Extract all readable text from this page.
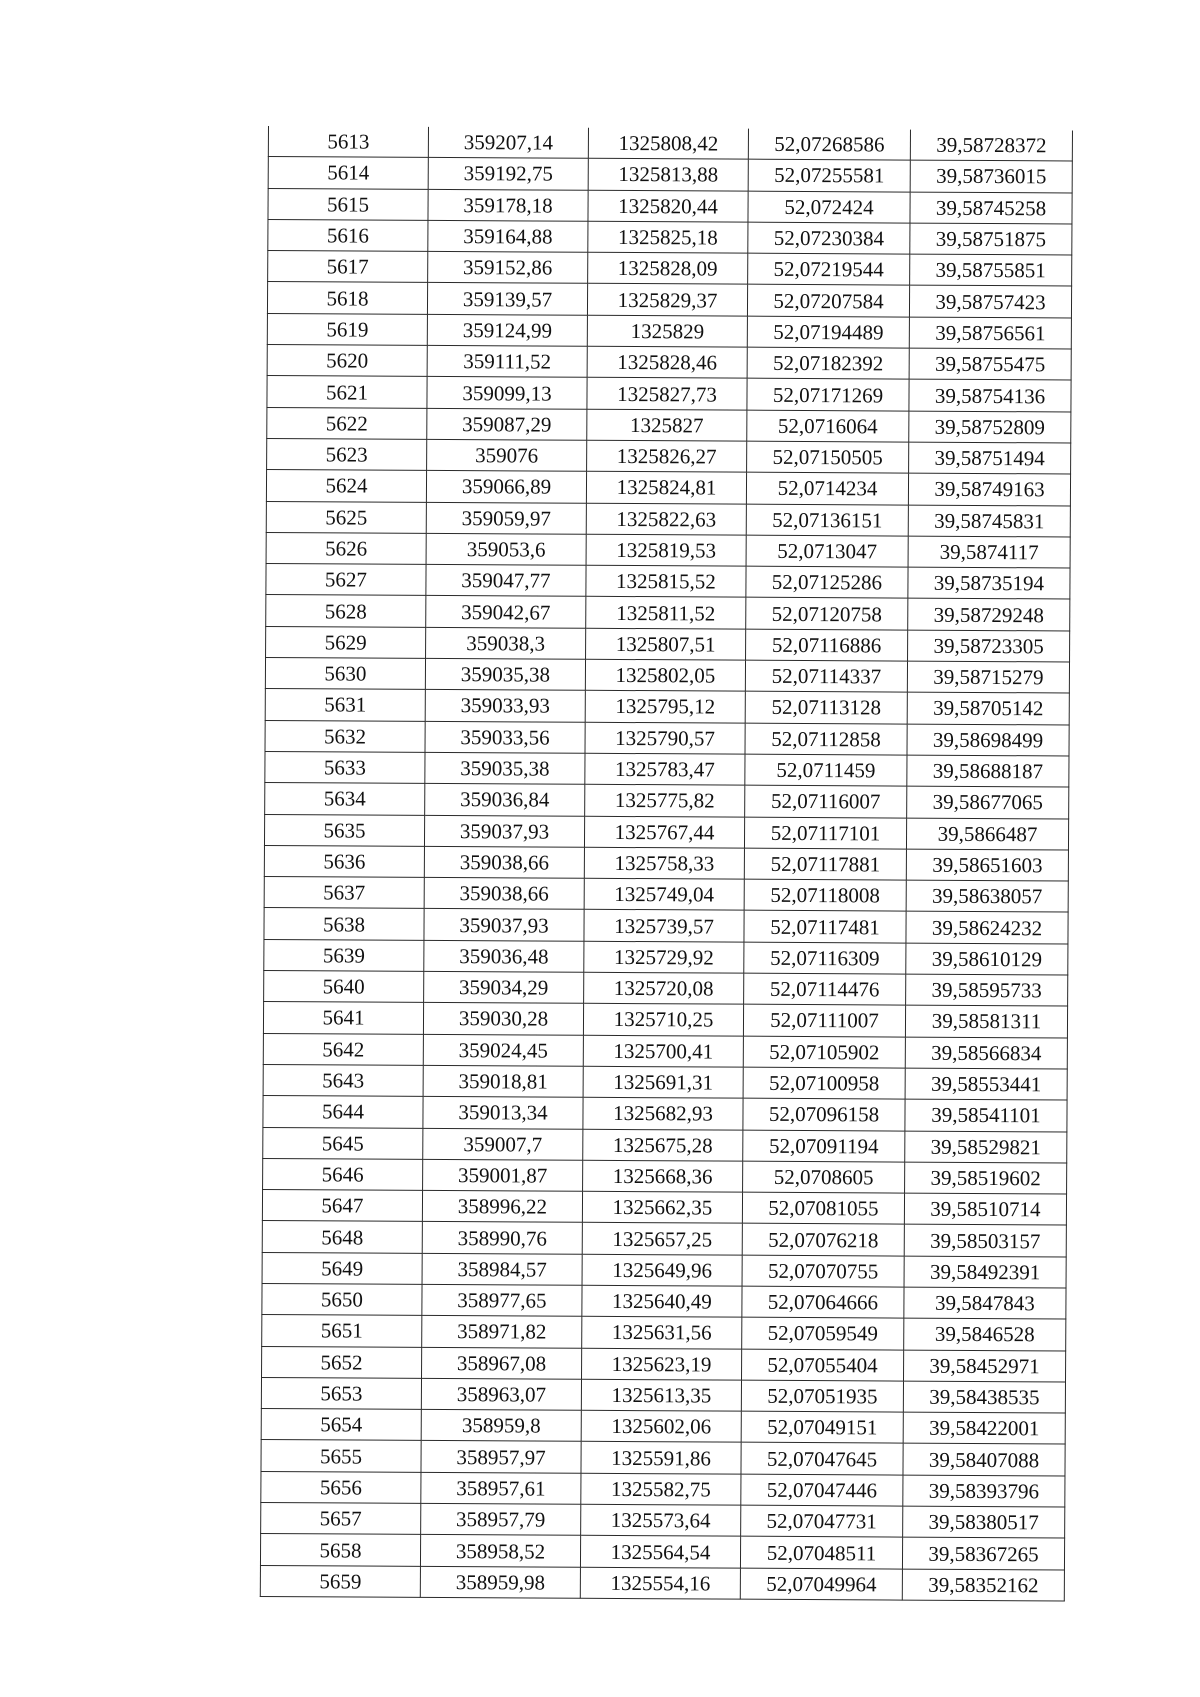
5613	359207,14	1325808,42	52,07268586	39,58728372
5614	359192,75	1325813,88	52,07255581	39,58736015
5615	359178,18	1325820,44	52,072424	39,58745258
5616	359164,88	1325825,18	52,07230384	39,58751875
5617	359152,86	1325828,09	52,07219544	39,58755851
5618	359139,57	1325829,37	52,07207584	39,58757423
5619	359124,99	1325829	52,07194489	39,58756561
5620	359111,52	1325828,46	52,07182392	39,58755475
5621	359099,13	1325827,73	52,07171269	39,58754136
5622	359087,29	1325827	52,0716064	39,58752809
5623	359076	1325826,27	52,07150505	39,58751494
5624	359066,89	1325824,81	52,0714234	39,58749163
5625	359059,97	1325822,63	52,07136151	39,58745831
5626	359053,6	1325819,53	52,0713047	39,5874117
5627	359047,77	1325815,52	52,07125286	39,58735194
5628	359042,67	1325811,52	52,07120758	39,58729248
5629	359038,3	1325807,51	52,07116886	39,58723305
5630	359035,38	1325802,05	52,07114337	39,58715279
5631	359033,93	1325795,12	52,07113128	39,58705142
5632	359033,56	1325790,57	52,07112858	39,58698499
5633	359035,38	1325783,47	52,0711459	39,58688187
5634	359036,84	1325775,82	52,07116007	39,58677065
5635	359037,93	1325767,44	52,07117101	39,5866487
5636	359038,66	1325758,33	52,07117881	39,58651603
5637	359038,66	1325749,04	52,07118008	39,58638057
5638	359037,93	1325739,57	52,07117481	39,58624232
5639	359036,48	1325729,92	52,07116309	39,58610129
5640	359034,29	1325720,08	52,07114476	39,58595733
5641	359030,28	1325710,25	52,07111007	39,58581311
5642	359024,45	1325700,41	52,07105902	39,58566834
5643	359018,81	1325691,31	52,07100958	39,58553441
5644	359013,34	1325682,93	52,07096158	39,58541101
5645	359007,7	1325675,28	52,07091194	39,58529821
5646	359001,87	1325668,36	52,0708605	39,58519602
5647	358996,22	1325662,35	52,07081055	39,58510714
5648	358990,76	1325657,25	52,07076218	39,58503157
5649	358984,57	1325649,96	52,07070755	39,58492391
5650	358977,65	1325640,49	52,07064666	39,5847843
5651	358971,82	1325631,56	52,07059549	39,5846528
5652	358967,08	1325623,19	52,07055404	39,58452971
5653	358963,07	1325613,35	52,07051935	39,58438535
5654	358959,8	1325602,06	52,07049151	39,58422001
5655	358957,97	1325591,86	52,07047645	39,58407088
5656	358957,61	1325582,75	52,07047446	39,58393796
5657	358957,79	1325573,64	52,07047731	39,58380517
5658	358958,52	1325564,54	52,07048511	39,58367265
5659	358959,98	1325554,16	52,07049964	39,58352162
